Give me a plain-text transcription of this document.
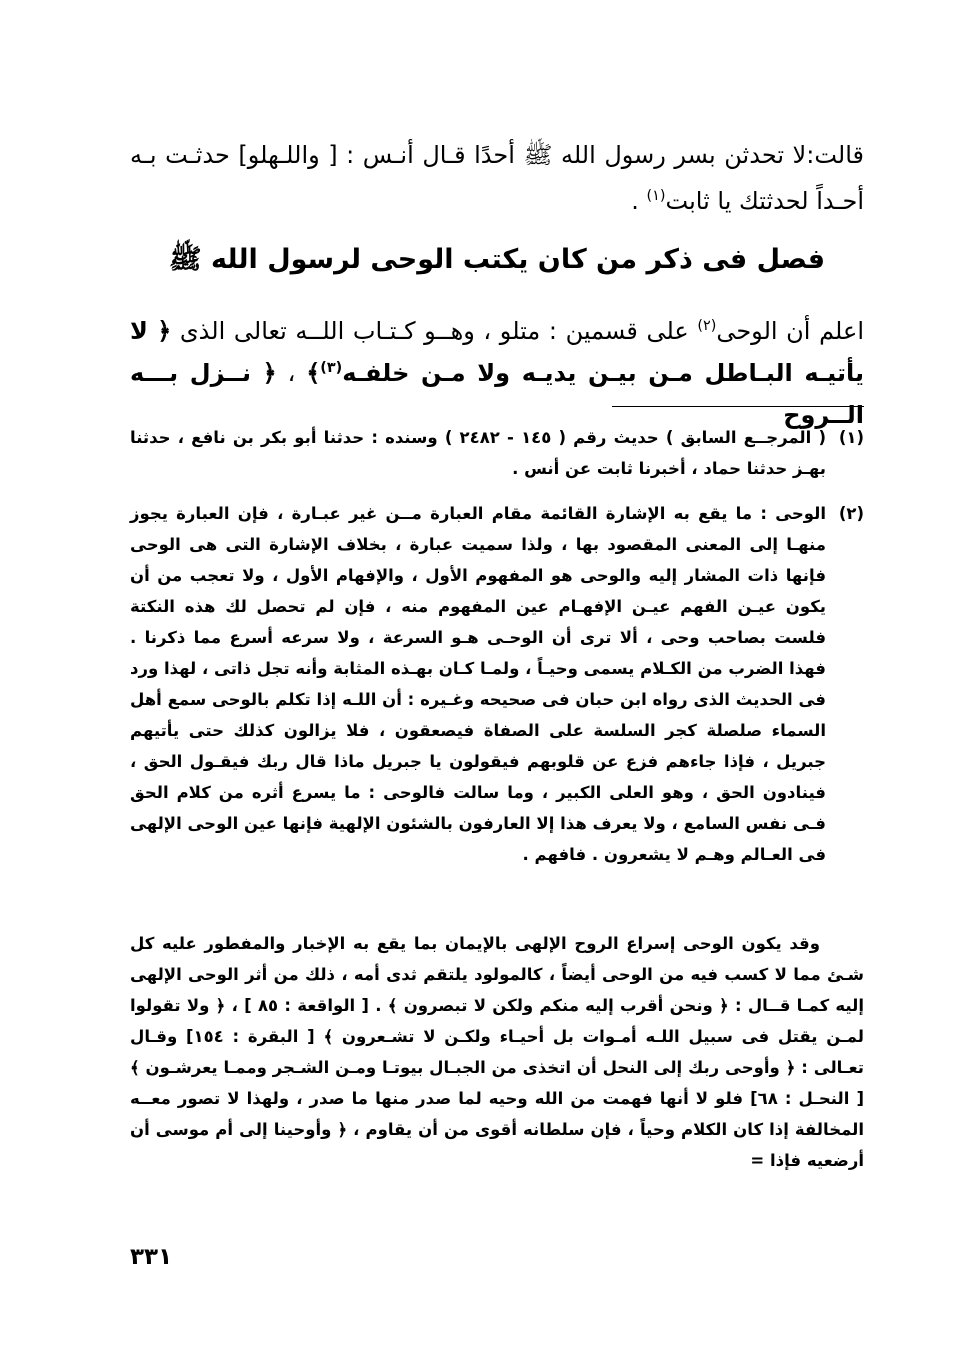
قالت:لا تحدثن بسر رسول الله ﷺ أحدًا قـال أنـس : [ واللـهلو] حدثـت بـه أحـداً لحدثتك يا ثابت$^{(١)}$ .
فصل فى ذكر من كان يكتب الوحى لرسول الله ﷺ
اعلم أن الوحى$^{(٢)}$ على قسمين : متلو ، وهــو كـتـاب اللــه تعالى الذى ﴿ لا يأتيـه البـاطل مـن بيـن يديـه ولا مـن خلفـه$^{(٣)}$﴾ ، ﴿ نــزل بـــه الــروح
(١)
( المرجــع السابق ) حديث رقم ( ١٤٥ - ٢٤٨٢ ) وسنده : حدثنا أبو بكر بن نافع ، حدثنا بهـز حدثنا حماد ، أخبرنا ثابت عن أنس .
(٢)
الوحى : ما يقع به الإشارة القائمة مقام العبارة مــن غير عبـارة ، فإن العبارة يجوز منهـا إلى المعنى المقصود بها ، ولذا سميت عبارة ، بخلاف الإشارة التى هى الوحى فإنها ذات المشار إليه والوحى هو المفهوم الأول ، والإفهام الأول ، ولا تعجب من أن يكون عيـن الفهم عيـن الإفهـام عين المفهوم منه ، فإن لم تحصل لك هذه النكتة فلست بصاحب وحى ، ألا ترى أن الوحـى هـو السرعة ، ولا سرعه أسرع مما ذكرنا . فهذا الضرب من الكـلام يسمى وحيـاً ، ولمـا كـان بهـذه المثابة وأنه تجل ذاتى ، لهذا ورد فى الحديث الذى رواه ابن حبان فى صحيحه وغـيره : أن اللـه إذا تكلم بالوحى سمع أهل السماء صلصلة كجر السلسة على الصفاة فيصعقون ، فلا يزالون كذلك حتى يأتيهم جبريل ، فإذا جاءهم فزع عن قلوبهم فيقولون يا جبريل ماذا قال ربك فيقـول الحق ، فينادون الحق ، وهو العلى الكبير ، وما سالت فالوحى : ما يسرع أثره من كلام الحق فـى نفس السامع ، ولا يعرف هذا إلا العارفون بالشئون الإلهية فإنها عين الوحى الإلهى فى العـالم وهـم لا يشعرون . فافهم .
وقد يكون الوحى إسراع الروح الإلهى بالإيمان بما يقع به الإخبار والمفطور عليه كل شـئ مما لا كسب فيه من الوحى أيضاً ، كالمولود يلتقم ثدى أمه ، ذلك من أثر الوحى الإلهى إليه كمـا قــال : ﴿ ونحن أقرب إليه منكم ولكن لا تبصرون ﴾ . [ الواقعة : ٨٥ ] ، ﴿ ولا تقولوا لمـن يقتل فى سبيل اللـه أمـوات بل أحيـاء ولكـن لا تشـعرون ﴾ [ البقرة : ١٥٤] وقـال تعـالى : ﴿ وأوحى ربك إلى النحل أن اتخذى من الجبـال بيوتـا ومـن الشـجر وممـا يعرشـون ﴾ [ النحـل : ٦٨] فلو لا أنها فهمت من الله وحيه لما صدر منها ما صدر ، ولهذا لا تصور معــه المخالفة إذا كان الكلام وحياً ، فإن سلطانه أقوى من أن يقاوم ، ﴿ وأوحينا إلى أم موسى أن أرضعيه فإذا =
٣٣١
